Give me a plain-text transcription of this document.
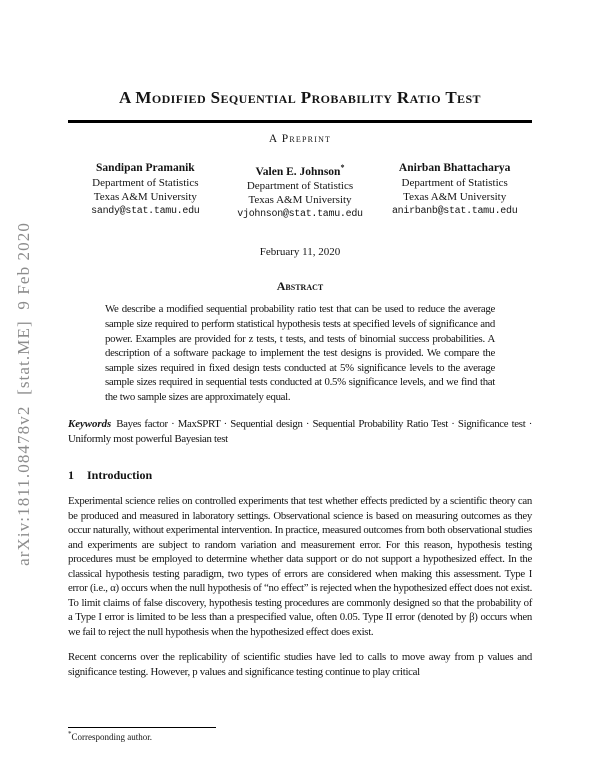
arXiv:1811.08478v2  [stat.ME]  9 Feb 2020
A Modified Sequential Probability Ratio Test
A Preprint
Sandipan Pramanik
Department of Statistics
Texas A&M University
sandy@stat.tamu.edu
Valen E. Johnson*
Department of Statistics
Texas A&M University
vjohnson@stat.tamu.edu
Anirban Bhattacharya
Department of Statistics
Texas A&M University
anirbanb@stat.tamu.edu
February 11, 2020
Abstract
We describe a modified sequential probability ratio test that can be used to reduce the average sample size required to perform statistical hypothesis tests at specified levels of significance and power. Examples are provided for z tests, t tests, and tests of binomial success probabilities. A description of a software package to implement the test designs is provided. We compare the sample sizes required in fixed design tests conducted at 5% significance levels to the average sample sizes required in sequential tests conducted at 0.5% significance levels, and we find that the two sample sizes are approximately equal.
Keywords Bayes factor · MaxSPRT · Sequential design · Sequential Probability Ratio Test · Significance test · Uniformly most powerful Bayesian test
1 Introduction

Experimental science relies on controlled experiments that test whether effects predicted by a scientific theory can be produced and measured in laboratory settings. Observational science is based on measuring outcomes as they occur naturally, without experimental intervention. In practice, measured outcomes from both observational studies and experiments are subject to random variation and measurement error. For this reason, hypothesis testing procedures must be employed to determine whether data support or do not support a hypothesized effect. In the classical hypothesis testing paradigm, two types of errors are considered when making this assessment. Type I error (i.e., α) occurs when the null hypothesis of “no effect” is rejected when the hypothesized effect does not exist. To limit claims of false discovery, hypothesis testing procedures are commonly designed so that the probability of a Type I error is limited to be less than a prespecified value, often 0.05. Type II error (denoted by β) occurs when we fail to reject the null hypothesis when the hypothesized effect does exist.

Recent concerns over the replicability of scientific studies have led to calls to move away from p values and significance testing. However, p values and significance testing continue to play critical

*Corresponding author.
